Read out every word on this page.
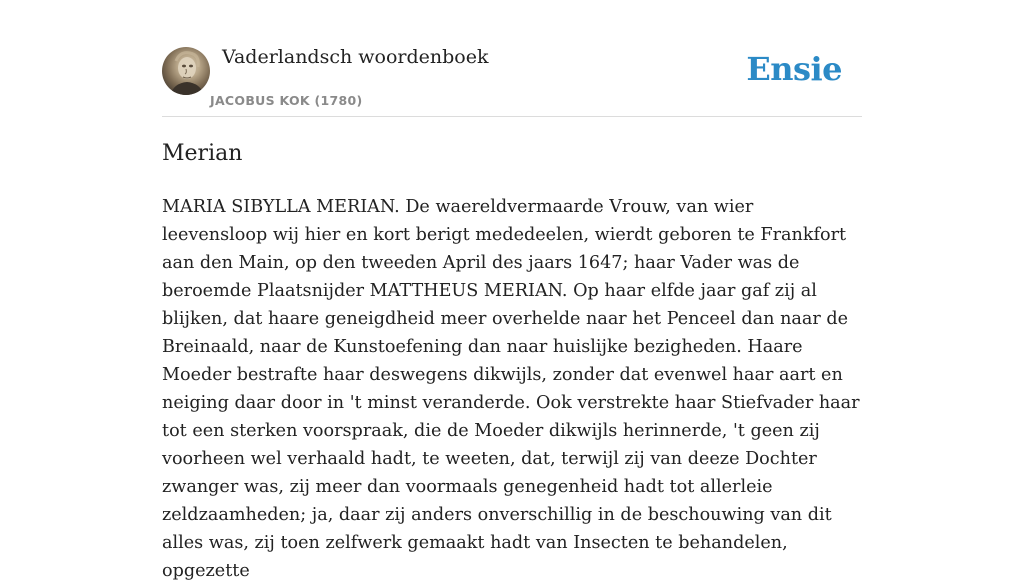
Vaderlandsch woordenboek
JACOBUS KOK (1780)
Ensie
Merian

MARIA SIBYLLA MERIAN. De waereldvermaarde Vrouw, van wier leevensloop wij hier en kort berigt mededeelen, wierdt geboren te Frankfort aan den Main, op den tweeden April des jaars 1647; haar Vader was de beroemde Plaatsnijder MATTHEUS MERIAN. Op haar elfde jaar gaf zij al blijken, dat haare geneigdheid meer overhelde naar het Penceel dan naar de Breinaald, naar de Kunstoefening dan naar huislijke bezigheden. Haare Moeder bestrafte haar deswegens dikwijls, zonder dat evenwel haar aart en neiging daar door in 't minst veranderde. Ook verstrekte haar Stiefvader haar tot een sterken voorspraak, die de Moeder dikwijls herinnerde, 't geen zij voorheen wel verhaald hadt, te weeten, dat, terwijl zij van deeze Dochter zwanger was, zij meer dan voormaals genegenheid hadt tot allerleie zeldzaamheden; ja, daar zij anders onverschillig in de beschouwing van dit alles was, zij toen zelfwerk gemaakt hadt van Insecten te behandelen, opgezette
